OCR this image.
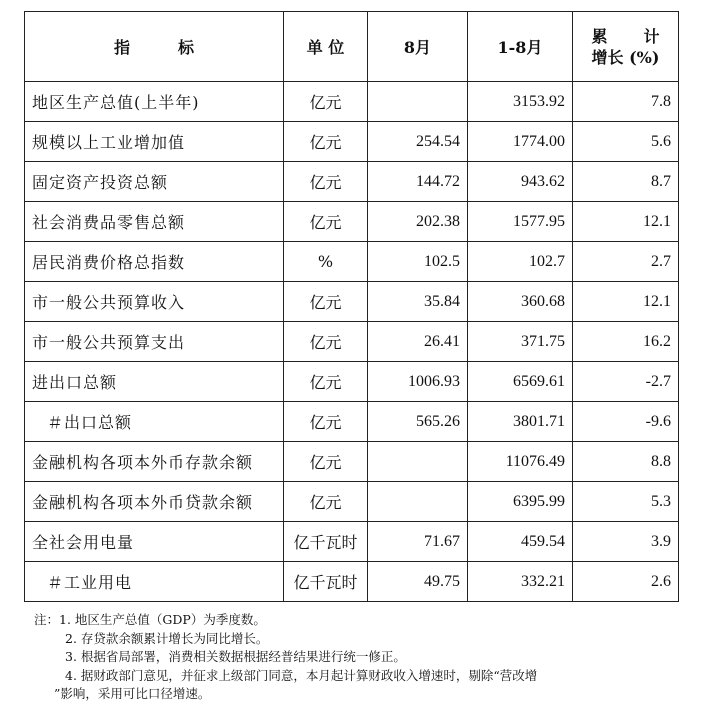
指 标	单 位	8月	1-8月	累 计
增长 (%)

地区生产总值(上半年)	亿元		3153.92	7.8
规模以上工业增加值	亿元	254.54	1774.00	5.6
固定资产投资总额	亿元	144.72	943.62	8.7
社会消费品零售总额	亿元	202.38	1577.95	12.1
居民消费价格总指数	%	102.5	102.7	2.7
市一般公共预算收入	亿元	35.84	360.68	12.1
市一般公共预算支出	亿元	26.41	371.75	16.2
进出口总额	亿元	1006.93	6569.61	-2.7
＃出口总额	亿元	565.26	3801.71	-9.6
金融机构各项本外币存款余额	亿元		11076.49	8.8
金融机构各项本外币贷款余额	亿元		6395.99	5.3
全社会用电量	亿千瓦时	71.67	459.54	3.9
＃工业用电	亿千瓦时	49.75	332.21	2.6
注：1. 地区生产总值（GDP）为季度数。
2. 存贷款余额累计增长为同比增长。
3. 根据省局部署，消费相关数据根据经普结果进行统一修正。
4. 据财政部门意见，并征求上级部门同意，本月起计算财政收入增速时，剔除“营改增
”影响，采用可比口径增速。
